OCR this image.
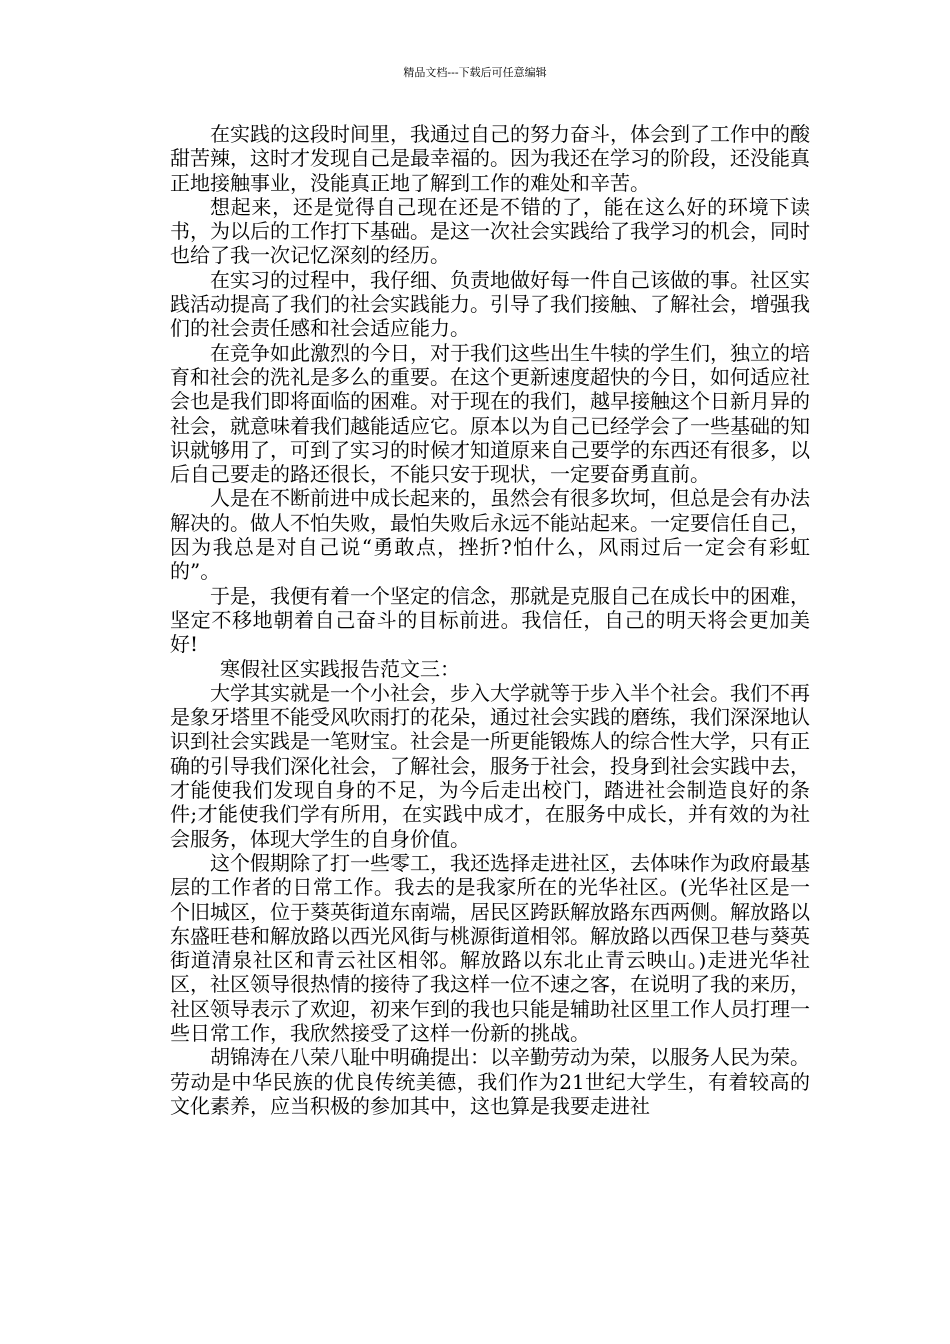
精品文档---下载后可任意编辑

在实践的这段时间里，我通过自己的努力奋斗，体会到了工作中的酸甜苦辣，这时才发现自己是最幸福的。因为我还在学习的阶段，还没能真正地接触事业，没能真正地了解到工作的难处和辛苦。

想起来，还是觉得自己现在还是不错的了，能在这么好的环境下读书，为以后的工作打下基础。是这一次社会实践给了我学习的机会，同时也给了我一次记忆深刻的经历。

在实习的过程中，我仔细、负责地做好每一件自己该做的事。社区实践活动提高了我们的社会实践能力。引导了我们接触、了解社会，增强我们的社会责任感和社会适应能力。

在竞争如此激烈的今日，对于我们这些出生牛犊的学生们，独立的培育和社会的洗礼是多么的重要。在这个更新速度超快的今日，如何适应社会也是我们即将面临的困难。对于现在的我们，越早接触这个日新月异的社会，就意味着我们越能适应它。原本以为自己已经学会了一些基础的知识就够用了，可到了实习的时候才知道原来自己要学的东西还有很多，以后自己要走的路还很长，不能只安于现状，一定要奋勇直前。

人是在不断前进中成长起来的，虽然会有很多坎坷，但总是会有办法解决的。做人不怕失败，最怕失败后永远不能站起来。一定要信任自己，因为我总是对自己说“勇敢点，挫折?怕什么，风雨过后一定会有彩虹的”。

于是，我便有着一个坚定的信念，那就是克服自己在成长中的困难，坚定不移地朝着自己奋斗的目标前进。我信任，自己的明天将会更加美好!

寒假社区实践报告范文三：

大学其实就是一个小社会，步入大学就等于步入半个社会。我们不再是象牙塔里不能受风吹雨打的花朵，通过社会实践的磨练，我们深深地认识到社会实践是一笔财宝。社会是一所更能锻炼人的综合性大学，只有正确的引导我们深化社会，了解社会，服务于社会，投身到社会实践中去，才能使我们发现自身的不足，为今后走出校门，踏进社会制造良好的条件;才能使我们学有所用，在实践中成才，在服务中成长，并有效的为社会服务，体现大学生的自身价值。

这个假期除了打一些零工，我还选择走进社区，去体味作为政府最基层的工作者的日常工作。我去的是我家所在的光华社区。(光华社区是一个旧城区，位于葵英街道东南端，居民区跨跃解放路东西两侧。解放路以东盛旺巷和解放路以西光风街与桃源街道相邻。解放路以西保卫巷与葵英街道清泉社区和青云社区相邻。解放路以东北止青云映山。)走进光华社区，社区领导很热情的接待了我这样一位不速之客，在说明了我的来历，社区领导表示了欢迎，初来乍到的我也只能是辅助社区里工作人员打理一些日常工作，我欣然接受了这样一份新的挑战。

胡锦涛在八荣八耻中明确提出：以辛勤劳动为荣，以服务人民为荣。劳动是中华民族的优良传统美德，我们作为21世纪大学生，有着较高的文化素养，应当积极的参加其中，这也算是我要走进社
